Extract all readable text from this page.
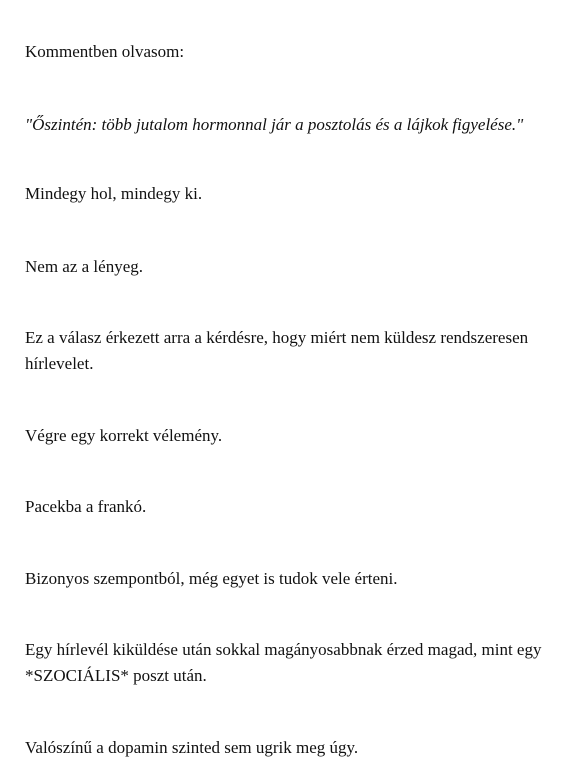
Kommentben olvasom:

"Őszintén: több jutalom hormonnal jár a posztolás és a lájkok figyelése."

Mindegy hol, mindegy ki.

Nem az a lényeg.

Ez a válasz érkezett arra a kérdésre, hogy miért nem küldesz rendszeresen hírlevelet.

Végre egy korrekt vélemény.

Pacekba a frankó.

Bizonyos szempontból, még egyet is tudok vele érteni.

Egy hírlevél kiküldése után sokkal magányosabbnak érzed magad, mint egy *SZOCIÁLIS* poszt után.

Valószínű a dopamin szinted sem ugrik meg úgy.
